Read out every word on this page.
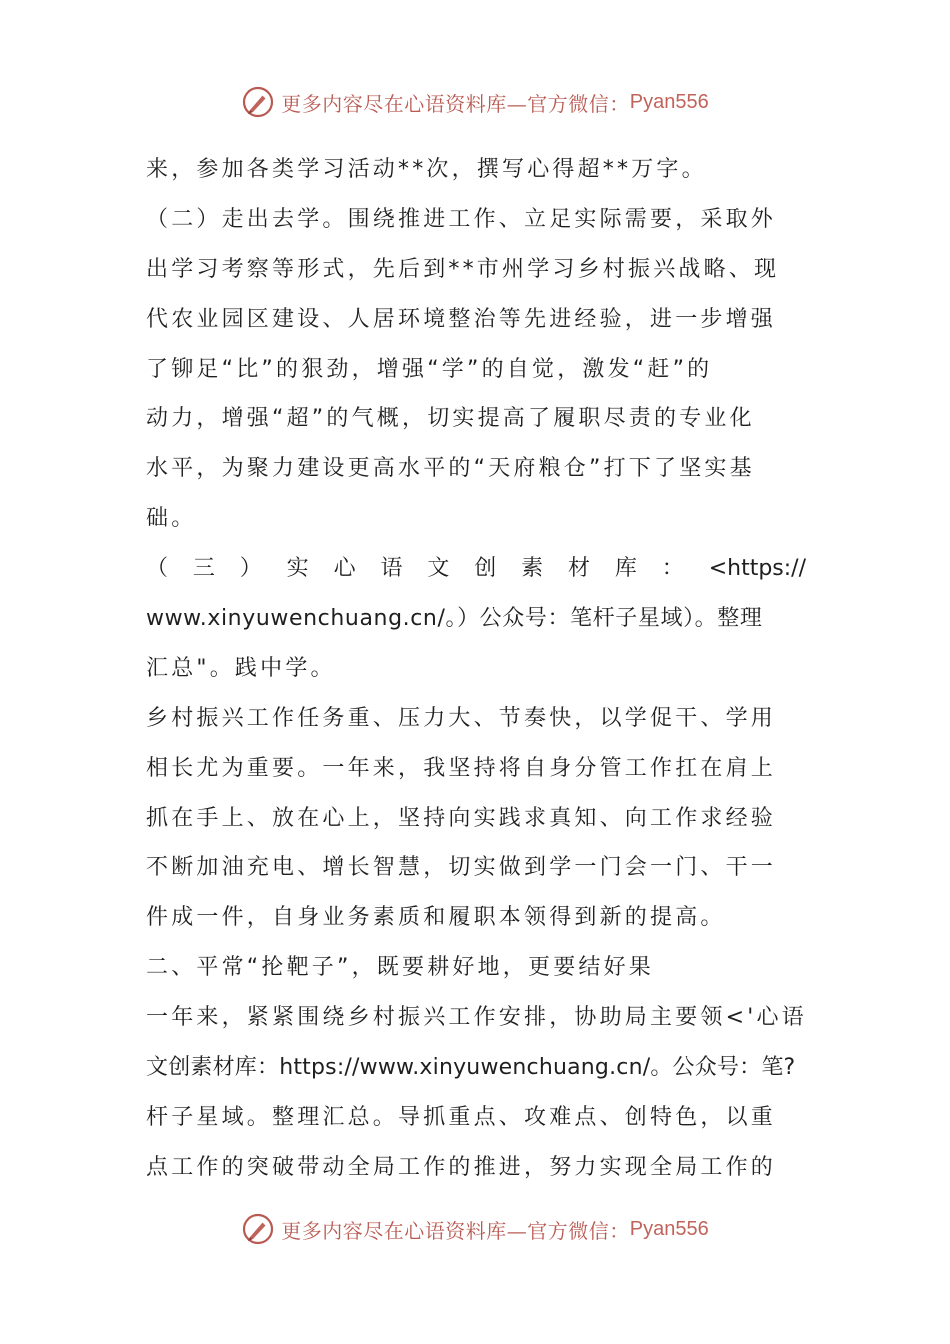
更多内容尽在心语资料库—官方微信： Pyan556
来，参加各类学习活动**次，撰写心得超**万字。
（二）走出去学。围绕推进工作、立足实际需要，采取外
出学习考察等形式，先后到**市州学习乡村振兴战略、现
代农业园区建设、人居环境整治等先进经验，进一步增强
了铆足“比”的狠劲，增强“学”的自觉，激发“赶”的
动力，增强“超”的气概，切实提高了履职尽责的专业化
水平，为聚力建设更高水平的“天府粮仓”打下了坚实基
础。
（ 三 ） 实 心 语 文 创 素 材 库 ： <https://
www.xinyuwenchuang.cn/。）公众号：笔杆子星域）。整理
汇总"。践中学。
乡村振兴工作任务重、压力大、节奏快，以学促干、学用
相长尤为重要。一年来，我坚持将自身分管工作扛在肩上
抓在手上、放在心上，坚持向实践求真知、向工作求经验
不断加油充电、增长智慧，切实做到学一门会一门、干一
件成一件，自身业务素质和履职本领得到新的提高。
二、平常“抡靶子”，既要耕好地，更要结好果
一年来，紧紧围绕乡村振兴工作安排，协助局主要领<'心语
文创素材库：https://www.xinyuwenchuang.cn/。公众号：笔?
杆子星域。整理汇总。导抓重点、攻难点、创特色，以重
点工作的突破带动全局工作的推进，努力实现全局工作的
更多内容尽在心语资料库—官方微信： Pyan556
